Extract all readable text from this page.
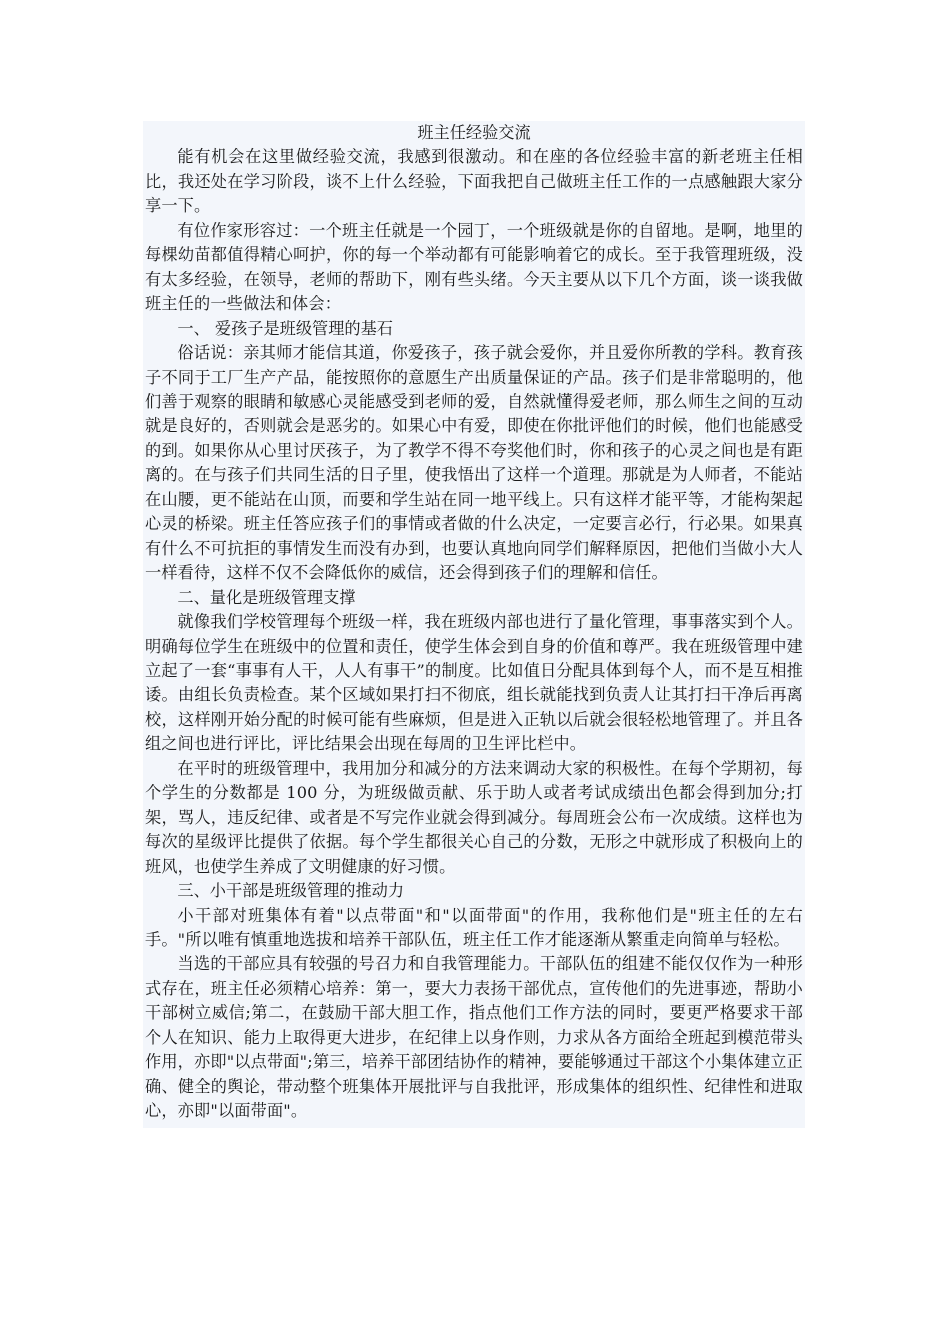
班主任经验交流

能有机会在这里做经验交流，我感到很激动。和在座的各位经验丰富的新老班主任相比，我还处在学习阶段，谈不上什么经验，下面我把自己做班主任工作的一点感触跟大家分享一下。

有位作家形容过：一个班主任就是一个园丁，一个班级就是你的自留地。是啊，地里的每棵幼苗都值得精心呵护，你的每一个举动都有可能影响着它的成长。至于我管理班级，没有太多经验，在领导，老师的帮助下，刚有些头绪。今天主要从以下几个方面，谈一谈我做班主任的一些做法和体会：

一、 爱孩子是班级管理的基石

俗话说：亲其师才能信其道，你爱孩子，孩子就会爱你，并且爱你所教的学科。教育孩子不同于工厂生产产品，能按照你的意愿生产出质量保证的产品。孩子们是非常聪明的，他们善于观察的眼睛和敏感心灵能感受到老师的爱，自然就懂得爱老师，那么师生之间的互动就是良好的，否则就会是恶劣的。如果心中有爱，即使在你批评他们的时候，他们也能感受的到。如果你从心里讨厌孩子，为了教学不得不夸奖他们时，你和孩子的心灵之间也是有距离的。在与孩子们共同生活的日子里，使我悟出了这样一个道理。那就是为人师者，不能站在山腰，更不能站在山顶，而要和学生站在同一地平线上。只有这样才能平等，才能构架起心灵的桥梁。班主任答应孩子们的事情或者做的什么决定，一定要言必行，行必果。如果真有什么不可抗拒的事情发生而没有办到，也要认真地向同学们解释原因，把他们当做小大人一样看待，这样不仅不会降低你的威信，还会得到孩子们的理解和信任。

二、量化是班级管理支撑

就像我们学校管理每个班级一样，我在班级内部也进行了量化管理，事事落实到个人。明确每位学生在班级中的位置和责任，使学生体会到自身的价值和尊严。我在班级管理中建立起了一套“事事有人干，人人有事干”的制度。比如值日分配具体到每个人，而不是互相推诿。由组长负责检查。某个区域如果打扫不彻底，组长就能找到负责人让其打扫干净后再离校，这样刚开始分配的时候可能有些麻烦，但是进入正轨以后就会很轻松地管理了。并且各组之间也进行评比，评比结果会出现在每周的卫生评比栏中。

在平时的班级管理中，我用加分和减分的方法来调动大家的积极性。在每个学期初，每个学生的分数都是 100 分，为班级做贡献、乐于助人或者考试成绩出色都会得到加分;打架，骂人，违反纪律、或者是不写完作业就会得到减分。每周班会公布一次成绩。这样也为每次的星级评比提供了依据。每个学生都很关心自己的分数，无形之中就形成了积极向上的班风，也使学生养成了文明健康的好习惯。

三、小干部是班级管理的推动力

小干部对班集体有着"以点带面"和"以面带面"的作用，我称他们是"班主任的左右手。"所以唯有慎重地选拔和培养干部队伍，班主任工作才能逐渐从繁重走向简单与轻松。

当选的干部应具有较强的号召力和自我管理能力。干部队伍的组建不能仅仅作为一种形式存在，班主任必须精心培养：第一，要大力表扬干部优点，宣传他们的先进事迹，帮助小干部树立威信;第二，在鼓励干部大胆工作，指点他们工作方法的同时，要更严格要求干部个人在知识、能力上取得更大进步，在纪律上以身作则，力求从各方面给全班起到模范带头作用，亦即"以点带面";第三，培养干部团结协作的精神，要能够通过干部这个小集体建立正确、健全的舆论，带动整个班集体开展批评与自我批评，形成集体的组织性、纪律性和进取心，亦即"以面带面"。
